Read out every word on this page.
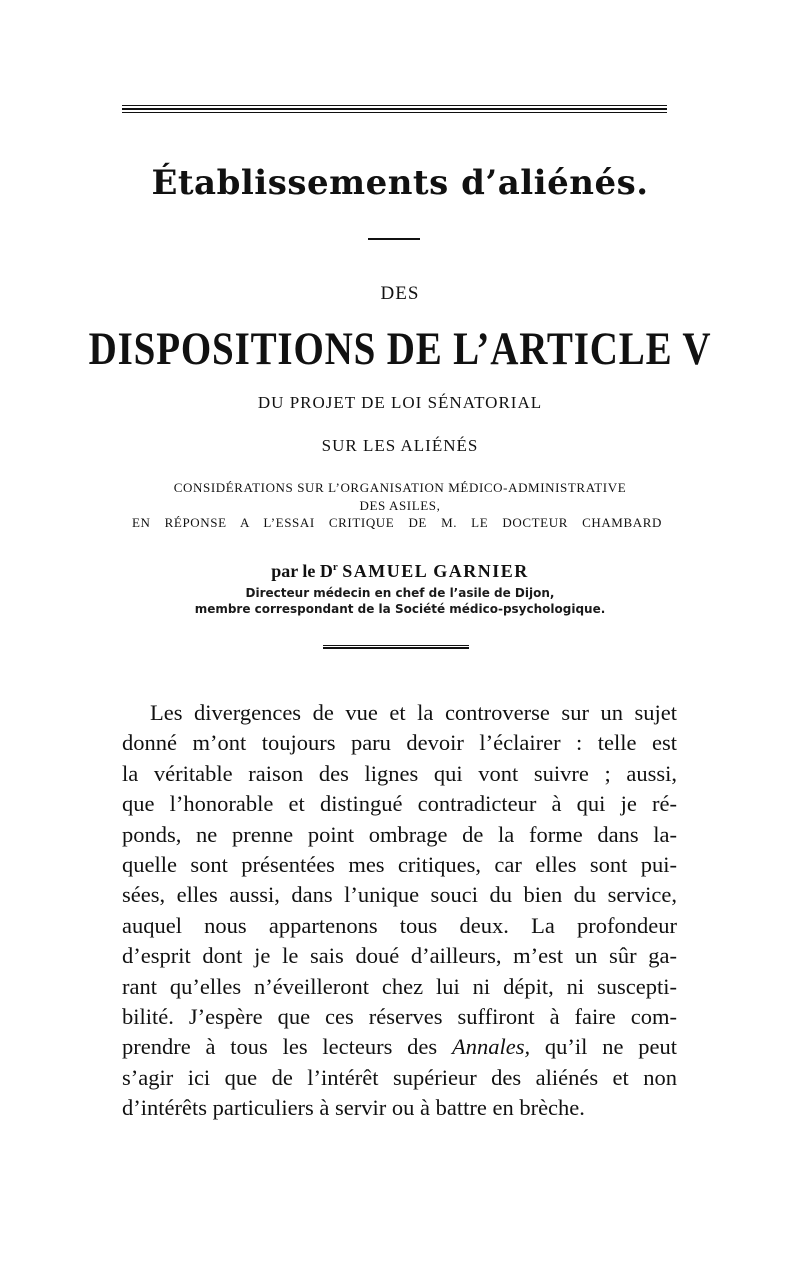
Établissements d’aliénés.
DES
DISPOSITIONS DE L’ARTICLE V
DU PROJET DE LOI SÉNATORIAL
SUR LES ALIÉNÉS
CONSIDÉRATIONS SUR L’ORGANISATION MÉDICO-ADMINISTRATIVE
DES ASILES,
EN RÉPONSE A L’ESSAI CRITIQUE DE M. LE DOCTEUR CHAMBARD
par le $D^r$ SAMUEL GARNIER
Directeur médecin en chef de l’asile de Dijon,
membre correspondant de la Société médico-psychologique.
Les divergences de vue et la controverse sur un sujet
donné m’ont toujours paru devoir l’éclairer : telle est
la véritable raison des lignes qui vont suivre ; aussi,
que l’honorable et distingué contradicteur à qui je ré-
ponds, ne prenne point ombrage de la forme dans la-
quelle sont présentées mes critiques, car elles sont pui-
sées, elles aussi, dans l’unique souci du bien du service,
auquel nous appartenons tous deux. La profondeur
d’esprit dont je le sais doué d’ailleurs, m’est un sûr ga-
rant qu’elles n’éveilleront chez lui ni dépit, ni suscepti-
bilité. J’espère que ces réserves suffiront à faire com-
prendre à tous les lecteurs des Annales, qu’il ne peut
s’agir ici que de l’intérêt supérieur des aliénés et non
d’intérêts particuliers à servir ou à battre en brèche.
